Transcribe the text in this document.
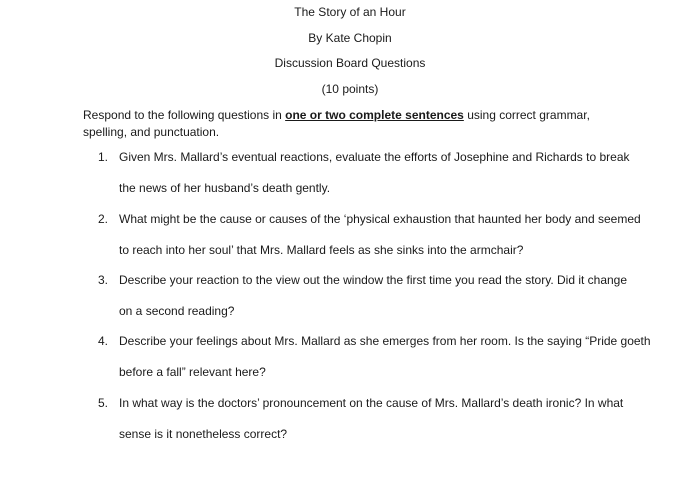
The Story of an Hour
By Kate Chopin
Discussion Board Questions
(10 points)
Respond to the following questions in one or two complete sentences using correct grammar, spelling, and punctuation.
1. Given Mrs. Mallard’s eventual reactions, evaluate the efforts of Josephine and Richards to break
the news of her husband’s death gently.
2. What might be the cause or causes of the ‘physical exhaustion that haunted her body and seemed
to reach into her soul’ that Mrs. Mallard feels as she sinks into the armchair?
3. Describe your reaction to the view out the window the first time you read the story. Did it change
on a second reading?
4. Describe your feelings about Mrs. Mallard as she emerges from her room. Is the saying “Pride goeth
before a fall” relevant here?
5. In what way is the doctors’ pronouncement on the cause of Mrs. Mallard’s death ironic? In what
sense is it nonetheless correct?
